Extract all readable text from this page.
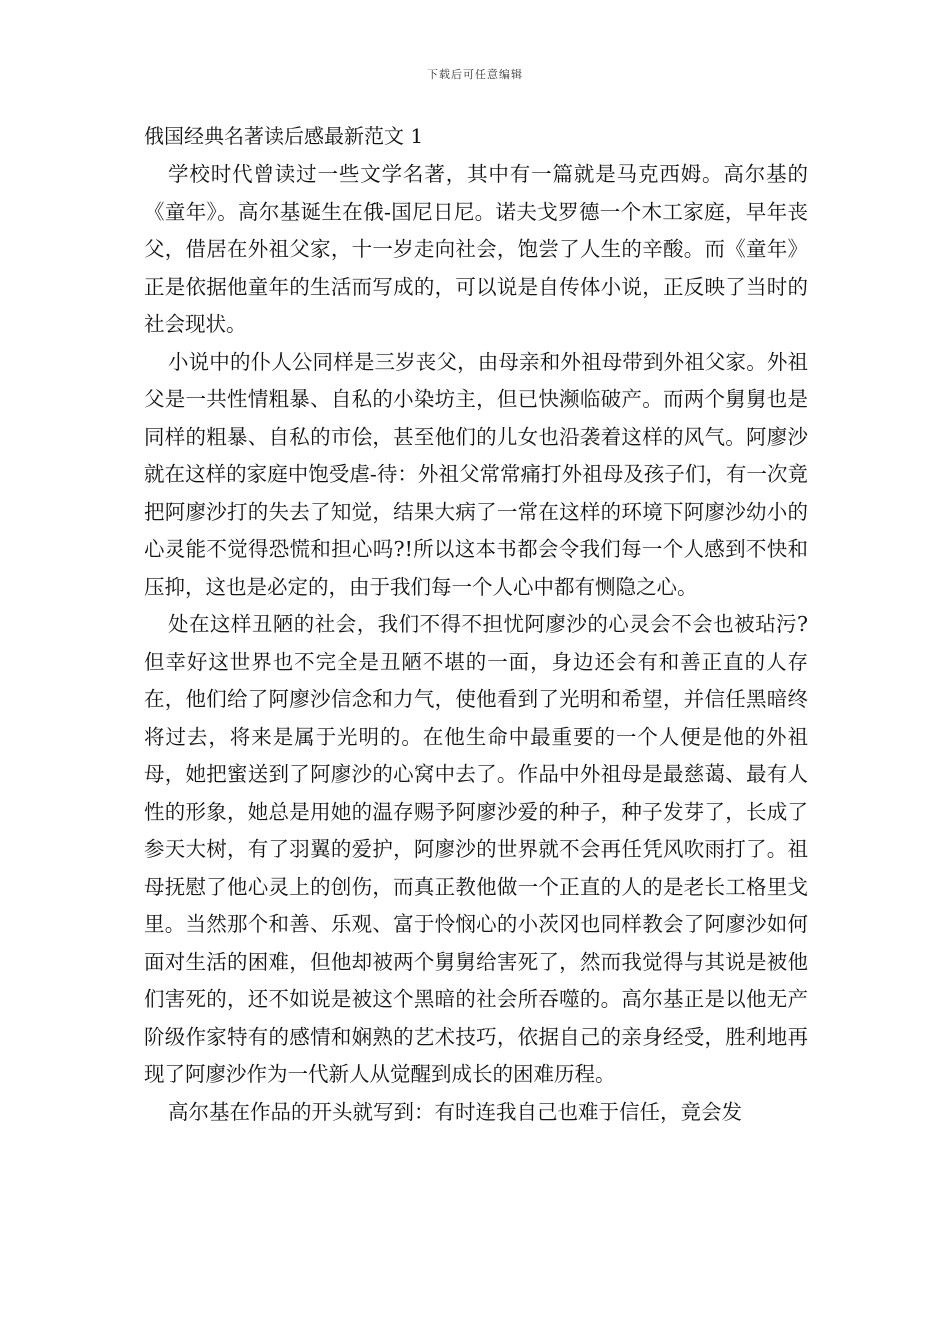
下载后可任意编辑
俄国经典名著读后感最新范文 1

学校时代曾读过一些文学名著，其中有一篇就是马克西姆。高尔基的《童年》。高尔基诞生在俄-国尼日尼。诺夫戈罗德一个木工家庭，早年丧父，借居在外祖父家，十一岁走向社会，饱尝了人生的辛酸。而《童年》正是依据他童年的生活而写成的，可以说是自传体小说，正反映了当时的社会现状。

小说中的仆人公同样是三岁丧父，由母亲和外祖母带到外祖父家。外祖父是一共性情粗暴、自私的小染坊主，但已快濒临破产。而两个舅舅也是同样的粗暴、自私的市侩，甚至他们的儿女也沿袭着这样的风气。阿廖沙就在这样的家庭中饱受虐-待：外祖父常常痛打外祖母及孩子们，有一次竟把阿廖沙打的失去了知觉，结果大病了一常在这样的环境下阿廖沙幼小的心灵能不觉得恐慌和担心吗?!所以这本书都会令我们每一个人感到不快和压抑，这也是必定的，由于我们每一个人心中都有恻隐之心。

处在这样丑陋的社会，我们不得不担忧阿廖沙的心灵会不会也被玷污?但幸好这世界也不完全是丑陋不堪的一面，身边还会有和善正直的人存在，他们给了阿廖沙信念和力气，使他看到了光明和希望，并信任黑暗终将过去，将来是属于光明的。在他生命中最重要的一个人便是他的外祖母，她把蜜送到了阿廖沙的心窝中去了。作品中外祖母是最慈蔼、最有人性的形象，她总是用她的温存赐予阿廖沙爱的种子，种子发芽了，长成了参天大树，有了羽翼的爱护，阿廖沙的世界就不会再任凭风吹雨打了。祖母抚慰了他心灵上的创伤，而真正教他做一个正直的人的是老长工格里戈里。当然那个和善、乐观、富于怜悯心的小茨冈也同样教会了阿廖沙如何面对生活的困难，但他却被两个舅舅给害死了，然而我觉得与其说是被他们害死的，还不如说是被这个黑暗的社会所吞噬的。高尔基正是以他无产阶级作家特有的感情和娴熟的艺术技巧，依据自己的亲身经受，胜利地再现了阿廖沙作为一代新人从觉醒到成长的困难历程。

高尔基在作品的开头就写到：有时连我自己也难于信任，竟会发
